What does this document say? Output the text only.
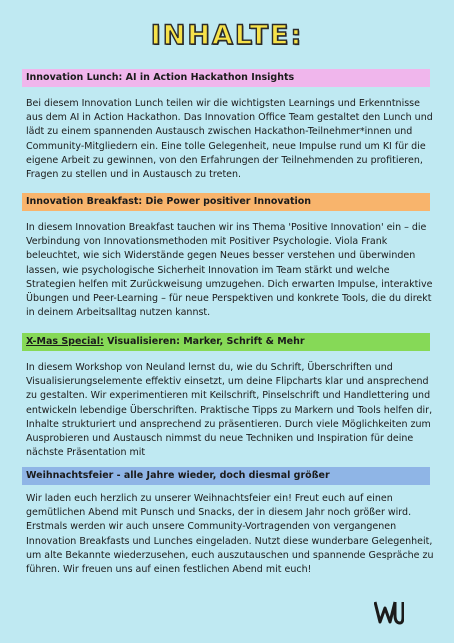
INHALTE:
Innovation Lunch: AI in Action Hackathon Insights
Bei diesem Innovation Lunch teilen wir die wichtigsten Learnings und Erkenntnisse aus dem AI in Action Hackathon. Das Innovation Office Team gestaltet den Lunch und lädt zu einem spannenden Austausch zwischen Hackathon-Teilnehmer*innen und Community-Mitgliedern ein. Eine tolle Gelegenheit, neue Impulse rund um KI für die eigene Arbeit zu gewinnen, von den Erfahrungen der Teilnehmenden zu profitieren, Fragen zu stellen und in Austausch zu treten.
Innovation Breakfast: Die Power positiver Innovation
In diesem Innovation Breakfast tauchen wir ins Thema 'Positive Innovation' ein – die Verbindung von Innovationsmethoden mit Positiver Psychologie. Viola Frank beleuchtet, wie sich Widerstände gegen Neues besser verstehen und überwinden lassen, wie psychologische Sicherheit Innovation im Team stärkt und welche Strategien helfen mit Zurückweisung umzugehen. Dich erwarten Impulse, interaktive Übungen und Peer-Learning – für neue Perspektiven und konkrete Tools, die du direkt in deinem Arbeitsalltag nutzen kannst.
X-Mas Special: Visualisieren: Marker, Schrift & Mehr
In diesem Workshop von Neuland lernst du, wie du Schrift, Überschriften und Visualisierungselemente effektiv einsetzt, um deine Flipcharts klar und ansprechend zu gestalten. Wir experimentieren mit Keilschrift, Pinselschrift und Handlettering und entwickeln lebendige Überschriften. Praktische Tipps zu Markern und Tools helfen dir, Inhalte strukturiert und ansprechend zu präsentieren. Durch viele Möglichkeiten zum Ausprobieren und Austausch nimmst du neue Techniken und Inspiration für deine nächste Präsentation mit
Weihnachtsfeier - alle Jahre wieder, doch diesmal größer
Wir laden euch herzlich zu unserer Weihnachtsfeier ein! Freut euch auf einen gemütlichen Abend mit Punsch und Snacks, der in diesem Jahr noch größer wird. Erstmals werden wir auch unsere Community-Vortragenden von vergangenen Innovation Breakfasts und Lunches eingeladen. Nutzt diese wunderbare Gelegenheit, um alte Bekannte wiederzusehen, euch auszutauschen und spannende Gespräche zu führen. Wir freuen uns auf einen festlichen Abend mit euch!
